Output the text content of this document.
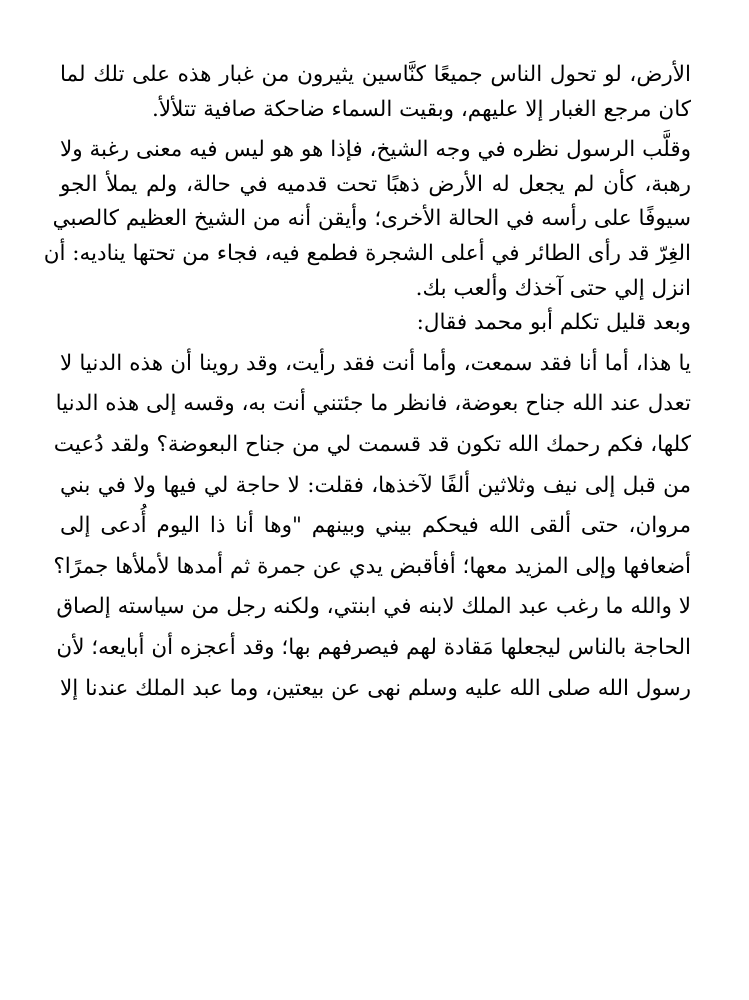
الأرض، لو تحول الناس جميعًا كنَّاسين يثيرون من غبار هذه على تلك لما
كان مرجع الغبار إلا عليهم، وبقيت السماء ضاحكة صافية تتلألأ.
وقلَّب الرسول نظره في وجه الشيخ، فإذا هو هو ليس فيه معنى رغبة ولا
رهبة، كأن لم يجعل له الأرض ذهبًا تحت قدميه في حالة، ولم يملأ الجو
سيوفًا على رأسه في الحالة الأخرى؛ وأيقن أنه من الشيخ العظيم كالصبي
الغِرّ قد رأى الطائر في أعلى الشجرة فطمع فيه، فجاء من تحتها يناديه: أن
انزل إلي حتى آخذك وألعب بك.
وبعد قليل تكلم أبو محمد فقال:
يا هذا، أما أنا فقد سمعت، وأما أنت فقد رأيت، وقد روينا أن هذه الدنيا لا
تعدل عند الله جناح بعوضة، فانظر ما جئتني أنت به، وقسه إلى هذه الدنيا
كلها، فكم رحمك الله تكون قد قسمت لي من جناح البعوضة؟ ولقد دُعيت
من قبل إلى نيف وثلاثين ألفًا لآخذها، فقلت: لا حاجة لي فيها ولا في بني
مروان، حتى ألقى الله فيحكم بيني وبينهم "وها أنا ذا اليوم أُدعى إلى
أضعافها وإلى المزيد معها؛ أفأقبض يدي عن جمرة ثم أمدها لأملأها جمرًا؟
لا والله ما رغب عبد الملك لابنه في ابنتي، ولكنه رجل من سياسته إلصاق
الحاجة بالناس ليجعلها مَقادة لهم فيصرفهم بها؛ وقد أعجزه أن أبايعه؛ لأن
رسول الله صلى الله عليه وسلم نهى عن بيعتين، وما عبد الملك عندنا إلا
